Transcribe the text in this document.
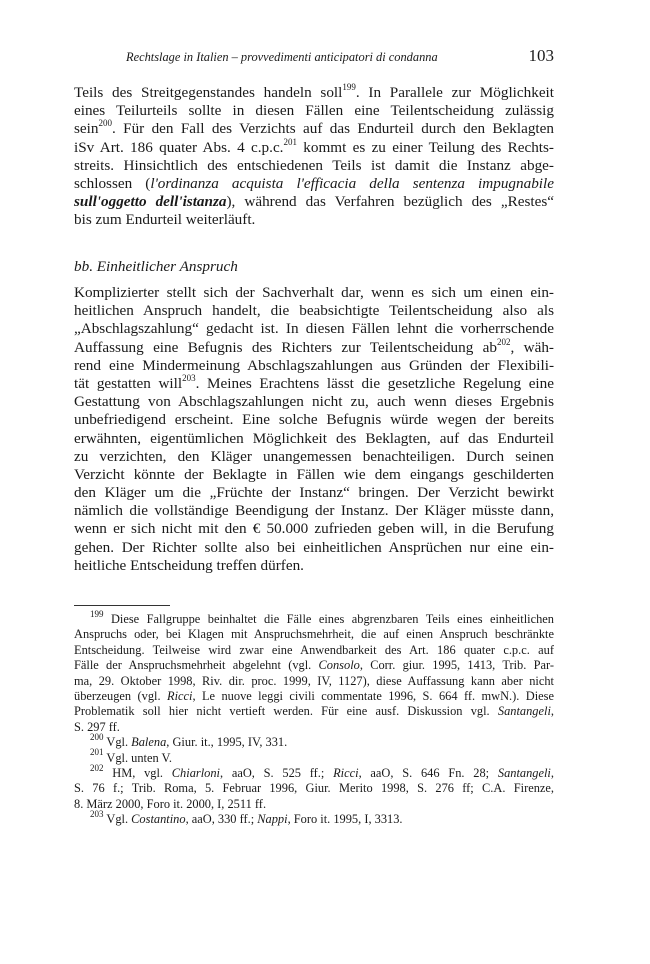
Rechtslage in Italien – provvedimenti anticipatori di condanna	103
Teils des Streitgegenstandes handeln soll$^{199}$. In Parallele zur Möglichkeit
eines Teilurteils sollte in diesen Fällen eine Teilentscheidung zulässig
sein$^{200}$. Für den Fall des Verzichts auf das Endurteil durch den Beklagten
iSv Art. 186 quater Abs. 4 c.p.c.$^{201}$ kommt es zu einer Teilung des Rechts-
streits. Hinsichtlich des entschiedenen Teils ist damit die Instanz abge-
schlossen (l'ordinanza acquista l'efficacia della sentenza impugnabile
sull'oggetto dell'istanza), während das Verfahren bezüglich des „Restes“
bis zum Endurteil weiterläuft.
bb. Einheitlicher Anspruch
Komplizierter stellt sich der Sachverhalt dar, wenn es sich um einen ein-
heitlichen Anspruch handelt, die beabsichtigte Teilentscheidung also als
„Abschlagszahlung“ gedacht ist. In diesen Fällen lehnt die vorherrschende
Auffassung eine Befugnis des Richters zur Teilentscheidung $ab^{202}$, wäh-
rend eine Mindermeinung Abschlagszahlungen aus Gründen der Flexibili-
tät gestatten will$^{203}$. Meines Erachtens lässt die gesetzliche Regelung eine
Gestattung von Abschlagszahlungen nicht zu, auch wenn dieses Ergebnis
unbefriedigend erscheint. Eine solche Befugnis würde wegen der bereits
erwähnten, eigentümlichen Möglichkeit des Beklagten, auf das Endurteil
zu verzichten, den Kläger unangemessen benachteiligen. Durch seinen
Verzicht könnte der Beklagte in Fällen wie dem eingangs geschilderten
den Kläger um die „Früchte der Instanz“ bringen. Der Verzicht bewirkt
nämlich die vollständige Beendigung der Instanz. Der Kläger müsste dann,
wenn er sich nicht mit den € 50.000 zufrieden geben will, in die Berufung
gehen. Der Richter sollte also bei einheitlichen Ansprüchen nur eine ein-
heitliche Entscheidung treffen dürfen.
$^{199}$ Diese Fallgruppe beinhaltet die Fälle eines abgrenzbaren Teils eines einheitlichen
Anspruchs oder, bei Klagen mit Anspruchsmehrheit, die auf einen Anspruch beschränkte
Entscheidung. Teilweise wird zwar eine Anwendbarkeit des Art. 186 quater c.p.c. auf
Fälle der Anspruchsmehrheit abgelehnt (vgl. Consolo, Corr. giur. 1995, 1413, Trib. Par-
ma, 29. Oktober 1998, Riv. dir. proc. 1999, IV, 1127), diese Auffassung kann aber nicht
überzeugen (vgl. Ricci, Le nuove leggi civili commentate 1996, S. 664 ff. mwN.). Diese
Problematik soll hier nicht vertieft werden. Für eine ausf. Diskussion vgl. Santangeli,
S. 297 ff.
$^{200}$ Vgl. Balena, Giur. it., 1995, IV, 331.
$^{201}$ Vgl. unten V.
$^{202}$ HM, vgl. Chiarloni, aaO, S. 525 ff.; Ricci, aaO, S. 646 Fn. 28; Santangeli,
S. 76 f.; Trib. Roma, 5. Februar 1996, Giur. Merito 1998, S. 276 ff; C.A. Firenze,
8. März 2000, Foro it. 2000, I, 2511 ff.
$^{203}$ Vgl. Costantino, aaO, 330 ff.; Nappi, Foro it. 1995, I, 3313.
